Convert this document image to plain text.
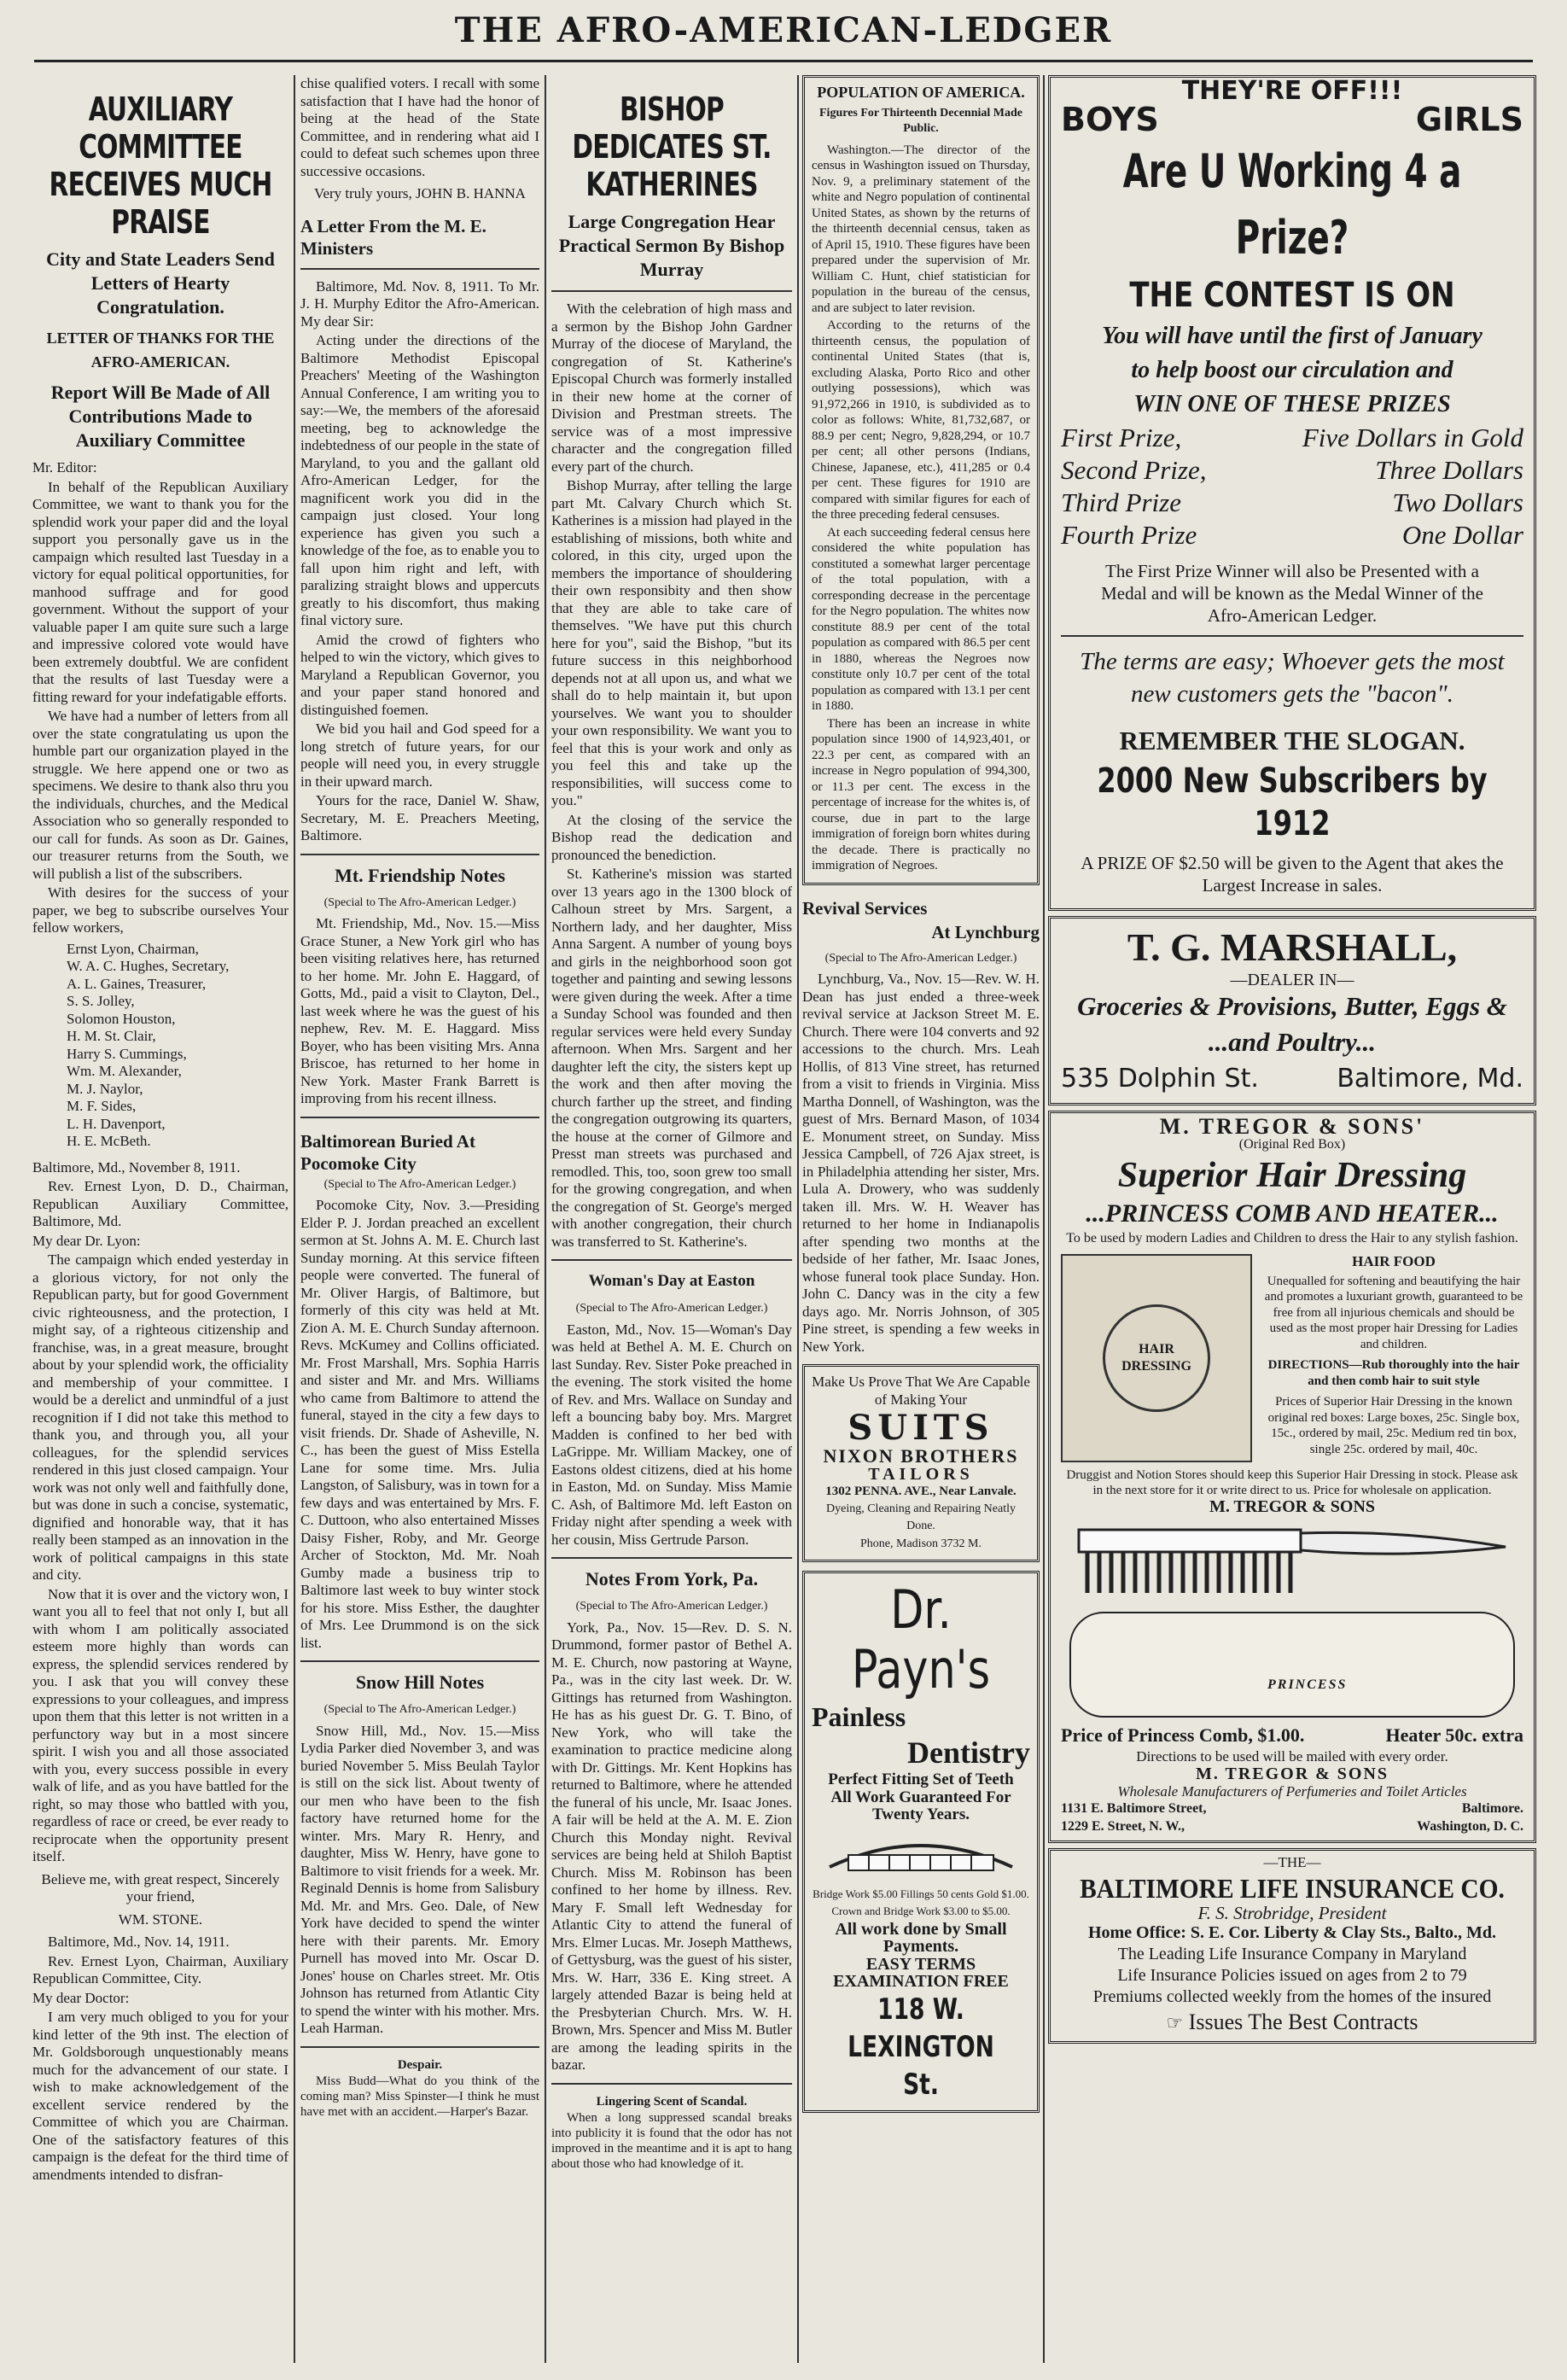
THE AFRO-AMERICAN-LEDGER
AUXILIARY COMMITTEE RECEIVES MUCH PRAISE
City and State Leaders Send Letters of Hearty Congratulation.
LETTER OF THANKS FOR THE AFRO-AMERICAN.
Report Will Be Made of All Contributions Made to Auxiliary Committee

Mr. Editor:

In behalf of the Republican Auxiliary Committee, we want to thank you for the splendid work your paper did and the loyal support you personally gave us in the campaign which resulted last Tuesday in a victory for equal political opportunities, for manhood suffrage and for good government. Without the support of your valuable paper I am quite sure such a large and impressive colored vote would have been extremely doubtful. We are confident that the results of last Tuesday were a fitting reward for your indefatigable efforts.

We have had a number of letters from all over the state congratulating us upon the humble part our organization played in the struggle. We here append one or two as specimens. We desire to thank also thru you the individuals, churches, and the Medical Association who so generally responded to our call for funds. As soon as Dr. Gaines, our treasurer returns from the South, we will publish a list of the subscribers.

With desires for the success of your paper, we beg to subscribe ourselves Your fellow workers,

Ernst Lyon, Chairman,
W. A. C. Hughes, Secretary,
A. L. Gaines, Treasurer,
S. S. Jolley,
Solomon Houston,
H. M. St. Clair,
Harry S. Cummings,
Wm. M. Alexander,
M. J. Naylor,
M. F. Sides,
L. H. Davenport,
H. E. McBeth.

Baltimore, Md., November 8, 1911.

Rev. Ernest Lyon, D. D., Chairman, Republican Auxiliary Committee, Baltimore, Md.

My dear Dr. Lyon:

The campaign which ended yesterday in a glorious victory, for not only the Republican party, but for good Government civic righteousness, and the protection, I might say, of a righteous citizenship and franchise, was, in a great measure, brought about by your splendid work, the officiality and membership of your committee. I would be a derelict and unmindful of a just recognition if I did not take this method to thank you, and through you, all your colleagues, for the splendid services rendered in this just closed campaign. Your work was not only well and faithfully done, but was done in such a concise, systematic, dignified and honorable way, that it has really been stamped as an innovation in the work of political campaigns in this state and city.

Now that it is over and the victory won, I want you all to feel that not only I, but all with whom I am politically associated esteem more highly than words can express, the splendid services rendered by you. I ask that you will convey these expressions to your colleagues, and impress upon them that this letter is not written in a perfunctory way but in a most sincere spirit. I wish you and all those associated with you, every success possible in every walk of life, and as you have battled for the right, so may those who battled with you, regardless of race or creed, be ever ready to reciprocate when the opportunity present itself.

Believe me, with great respect, Sincerely your friend,

WM. STONE.

Baltimore, Md., Nov. 14, 1911.

Rev. Ernest Lyon, Chairman, Auxiliary Republican Committee, City.

My dear Doctor:

I am very much obliged to you for your kind letter of the 9th inst. The election of Mr. Goldsborough unquestionably means much for the advancement of our state. I wish to make acknowledgement of the excellent service rendered by the Committee of which you are Chairman. One of the satisfactory features of this campaign is the defeat for the third time of amendments intended to disfran-

chise qualified voters. I recall with some satisfaction that I have had the honor of being at the head of the State Committee, and in rendering what aid I could to defeat such schemes upon three successive occasions.

Very truly yours, JOHN B. HANNA

A Letter From the M. E. Ministers

Baltimore, Md. Nov. 8, 1911. To Mr. J. H. Murphy Editor the Afro-American. My dear Sir:

Acting under the directions of the Baltimore Methodist Episcopal Preachers' Meeting of the Washington Annual Conference, I am writing you to say:—We, the members of the aforesaid meeting, beg to acknowledge the indebtedness of our people in the state of Maryland, to you and the gallant old Afro-American Ledger, for the magnificent work you did in the campaign just closed. Your long experience has given you such a knowledge of the foe, as to enable you to fall upon him right and left, with paralizing straight blows and uppercuts greatly to his discomfort, thus making final victory sure.

Amid the crowd of fighters who helped to win the victory, which gives to Maryland a Republican Governor, you and your paper stand honored and distinguished foemen.

We bid you hail and God speed for a long stretch of future years, for our people will need you, in every struggle in their upward march.

Yours for the race, Daniel W. Shaw, Secretary, M. E. Preachers Meeting, Baltimore.

Mt. Friendship Notes
(Special to The Afro-American Ledger.)

Mt. Friendship, Md., Nov. 15.—Miss Grace Stuner, a New York girl who has been visiting relatives here, has returned to her home. Mr. John E. Haggard, of Gotts, Md., paid a visit to Clayton, Del., last week where he was the guest of his nephew, Rev. M. E. Haggard. Miss Boyer, who has been visiting Mrs. Anna Briscoe, has returned to her home in New York. Master Frank Barrett is improving from his recent illness.

Baltimorean Buried At Pocomoke City
(Special to The Afro-American Ledger.)

Pocomoke City, Nov. 3.—Presiding Elder P. J. Jordan preached an excellent sermon at St. Johns A. M. E. Church last Sunday morning. At this service fifteen people were converted. The funeral of Mr. Oliver Hargis, of Baltimore, but formerly of this city was held at Mt. Zion A. M. E. Church Sunday afternoon. Revs. McKumey and Collins officiated. Mr. Frost Marshall, Mrs. Sophia Harris and sister and Mr. and Mrs. Williams who came from Baltimore to attend the funeral, stayed in the city a few days to visit friends. Dr. Shade of Asheville, N. C., has been the guest of Miss Estella Lane for some time. Mrs. Julia Langston, of Salisbury, was in town for a few days and was entertained by Mrs. F. C. Duttoon, who also entertained Misses Daisy Fisher, Roby, and Mr. George Archer of Stockton, Md. Mr. Noah Gumby made a business trip to Baltimore last week to buy winter stock for his store. Miss Esther, the daughter of Mrs. Lee Drummond is on the sick list.

Snow Hill Notes
(Special to The Afro-American Ledger.)

Snow Hill, Md., Nov. 15.—Miss Lydia Parker died November 3, and was buried November 5. Miss Beulah Taylor is still on the sick list. About twenty of our men who have been to the fish factory have returned home for the winter. Mrs. Mary R. Henry, and daughter, Miss W. Henry, have gone to Baltimore to visit friends for a week. Mr. Reginald Dennis is home from Salisbury Md. Mr. and Mrs. Geo. Dale, of New York have decided to spend the winter here with their parents. Mr. Emory Purnell has moved into Mr. Oscar D. Jones' house on Charles street. Mr. Otis Johnson has returned from Atlantic City to spend the winter with his mother. Mrs. Leah Harman.

Despair.

Miss Budd—What do you think of the coming man? Miss Spinster—I think he must have met with an accident.—Harper's Bazar.

BISHOP DEDICATES ST. KATHERINES
Large Congregation Hear Practical Sermon By Bishop Murray

With the celebration of high mass and a sermon by the Bishop John Gardner Murray of the diocese of Maryland, the congregation of St. Katherine's Episcopal Church was formerly installed in their new home at the corner of Division and Prestman streets. The service was of a most impressive character and the congregation filled every part of the church.

Bishop Murray, after telling the large part Mt. Calvary Church which St. Katherines is a mission had played in the establishing of missions, both white and colored, in this city, urged upon the members the importance of shouldering their own responsibity and then show that they are able to take care of themselves. "We have put this church here for you", said the Bishop, "but its future success in this neighborhood depends not at all upon us, and what we shall do to help maintain it, but upon yourselves. We want you to shoulder your own responsibility. We want you to feel that this is your work and only as you feel this and take up the responsibilities, will success come to you."

At the closing of the service the Bishop read the dedication and pronounced the benediction.

St. Katherine's mission was started over 13 years ago in the 1300 block of Calhoun street by Mrs. Sargent, a Northern lady, and her daughter, Miss Anna Sargent. A number of young boys and girls in the neighborhood soon got together and painting and sewing lessons were given during the week. After a time a Sunday School was founded and then regular services were held every Sunday afternoon. When Mrs. Sargent and her daughter left the city, the sisters kept up the work and then after moving the church farther up the street, and finding the congregation outgrowing its quarters, the house at the corner of Gilmore and Presst man streets was purchased and remodled. This, too, soon grew too small for the growing congregation, and when the congregation of St. George's merged with another congregation, their church was transferred to St. Katherine's.

Woman's Day at Easton
(Special to The Afro-American Ledger.)

Easton, Md., Nov. 15—Woman's Day was held at Bethel A. M. E. Church on last Sunday. Rev. Sister Poke preached in the evening. The stork visited the home of Rev. and Mrs. Wallace on Sunday and left a bouncing baby boy. Mrs. Margret Madden is confined to her bed with LaGrippe. Mr. William Mackey, one of Eastons oldest citizens, died at his home in Easton, Md. on Sunday. Miss Mamie C. Ash, of Baltimore Md. left Easton on Friday night after spending a week with her cousin, Miss Gertrude Parson.

Notes From York, Pa.
(Special to The Afro-American Ledger.)

York, Pa., Nov. 15—Rev. D. S. N. Drummond, former pastor of Bethel A. M. E. Church, now pastoring at Wayne, Pa., was in the city last week. Dr. W. Gittings has returned from Washington. He has as his guest Dr. G. T. Bino, of New York, who will take the examination to practice medicine along with Dr. Gittings. Mr. Kent Hopkins has returned to Baltimore, where he attended the funeral of his uncle, Mr. Isaac Jones. A fair will be held at the A. M. E. Zion Church this Monday night. Revival services are being held at Shiloh Baptist Church. Miss M. Robinson has been confined to her home by illness. Rev. Mary F. Small left Wednesday for Atlantic City to attend the funeral of Mrs. Elmer Lucas. Mr. Joseph Matthews, of Gettysburg, was the guest of his sister, Mrs. W. Harr, 336 E. King street. A largely attended Bazar is being held at the Presbyterian Church. Mrs. W. H. Brown, Mrs. Spencer and Miss M. Butler are among the leading spirits in the bazar.

Lingering Scent of Scandal.

When a long suppressed scandal breaks into publicity it is found that the odor has not improved in the meantime and it is apt to hang about those who had knowledge of it.

POPULATION OF AMERICA.
Figures For Thirteenth Decennial Made Public.

Washington.—The director of the census in Washington issued on Thursday, Nov. 9, a preliminary statement of the white and Negro population of continental United States, as shown by the returns of the thirteenth decennial census, taken as of April 15, 1910. These figures have been prepared under the supervision of Mr. William C. Hunt, chief statistician for population in the bureau of the census, and are subject to later revision.

According to the returns of the thirteenth census, the population of continental United States (that is, excluding Alaska, Porto Rico and other outlying possessions), which was 91,972,266 in 1910, is subdivided as to color as follows: White, 81,732,687, or 88.9 per cent; Negro, 9,828,294, or 10.7 per cent; all other persons (Indians, Chinese, Japanese, etc.), 411,285 or 0.4 per cent. These figures for 1910 are compared with similar figures for each of the three preceding federal censuses.

At each succeeding federal census here considered the white population has constituted a somewhat larger percentage of the total population, with a corresponding decrease in the percentage for the Negro population. The whites now constitute 88.9 per cent of the total population as compared with 86.5 per cent in 1880, whereas the Negroes now constitute only 10.7 per cent of the total population as compared with 13.1 per cent in 1880.

There has been an increase in white population since 1900 of 14,923,401, or 22.3 per cent, as compared with an increase in Negro population of 994,300, or 11.3 per cent. The excess in the percentage of increase for the whites is, of course, due in part to the large immigration of foreign born whites during the decade. There is practically no immigration of Negroes.

Revival Services
At Lynchburg
(Special to The Afro-American Ledger.)

Lynchburg, Va., Nov. 15—Rev. W. H. Dean has just ended a three-week revival service at Jackson Street M. E. Church. There were 104 converts and 92 accessions to the church. Mrs. Leah Hollis, of 813 Vine street, has returned from a visit to friends in Virginia. Miss Martha Donnell, of Washington, was the guest of Mrs. Bernard Mason, of 1034 E. Monument street, on Sunday. Miss Jessica Campbell, of 726 Ajax street, is in Philadelphia attending her sister, Mrs. Lula A. Drowery, who was suddenly taken ill. Mrs. W. H. Weaver has returned to her home in Indianapolis after spending two months at the bedside of her father, Mr. Isaac Jones, whose funeral took place Sunday. Hon. John C. Dancy was in the city a few days ago. Mr. Norris Johnson, of 305 Pine street, is spending a few weeks in New York.

Make Us Prove That We Are Capable of Making Your
SUITS
NIXON BROTHERS
TAILORS
1302 PENNA. AVE., Near Lanvale.
Dyeing, Cleaning and Repairing Neatly Done.
Phone, Madison 3732 M.
Dr. Payn's
Painless
Dentistry
Perfect Fitting Set of Teeth
All Work Guaranteed For Twenty Years.
Bridge Work $5.00 Fillings 50 cents Gold $1.00. Crown and Bridge Work $3.00 to $5.00.
All work done by Small Payments.
EASY TERMS
EXAMINATION FREE
118 W. LEXINGTON St.
THEY'RE OFF!!!
BOYS	GIRLS
Are U Working 4 a Prize?
THE CONTEST IS ON
You will have until the first of January
to help boost our circulation and
WIN ONE OF THESE PRIZES
First Prize,	Five Dollars in Gold
Second Prize,	Three Dollars
Third Prize	Two Dollars
Fourth Prize	One Dollar
The First Prize Winner will also be Presented with a Medal and will be known as the Medal Winner of the Afro-American Ledger.
The terms are easy; Whoever gets the most new customers gets the "bacon".
REMEMBER THE SLOGAN.
2000 New Subscribers by 1912
A PRIZE OF $2.50 will be given to the Agent that akes the Largest Increase in sales.
T. G. MARSHALL,
—DEALER IN—
Groceries & Provisions, Butter, Eggs &
...and Poultry...
535 Dolphin St.	Baltimore, Md.
M. TREGOR & SONS'
(Original Red Box)
Superior Hair Dressing
...PRINCESS COMB AND HEATER...
To be used by modern Ladies and Children to dress the Hair to any stylish fashion.
HAIR DRESSING
HAIR FOOD

Unequalled for softening and beautifying the hair and promotes a luxuriant growth, guaranteed to be free from all injurious chemicals and should be used as the most proper hair Dressing for Ladies and children.

DIRECTIONS—Rub thoroughly into the hair and then comb hair to suit style

Prices of Superior Hair Dressing in the known original red boxes: Large boxes, 25c. Single box, 15c., ordered by mail, 25c. Medium red tin box, single 25c. ordered by mail, 40c.

Druggist and Notion Stores should keep this Superior Hair Dressing in stock. Please ask in the next store for it or write direct to us. Price for wholesale on application.
M. TREGOR & SONS
PRINCESS
Price of Princess Comb, $1.00.	Heater 50c. extra
Directions to be used will be mailed with every order.
M. TREGOR & SONS
Wholesale Manufacturers of Perfumeries and Toilet Articles
1131 E. Baltimore Street,	Baltimore.
1229 E. Street, N. W.,	Washington, D. C.
—THE—
BALTIMORE LIFE INSURANCE CO.
F. S. Strobridge, President
Home Office: S. E. Cor. Liberty & Clay Sts., Balto., Md.
The Leading Life Insurance Company in Maryland
Life Insurance Policies issued on ages from 2 to 79
Premiums collected weekly from the homes of the insured
☞ Issues The Best Contracts
